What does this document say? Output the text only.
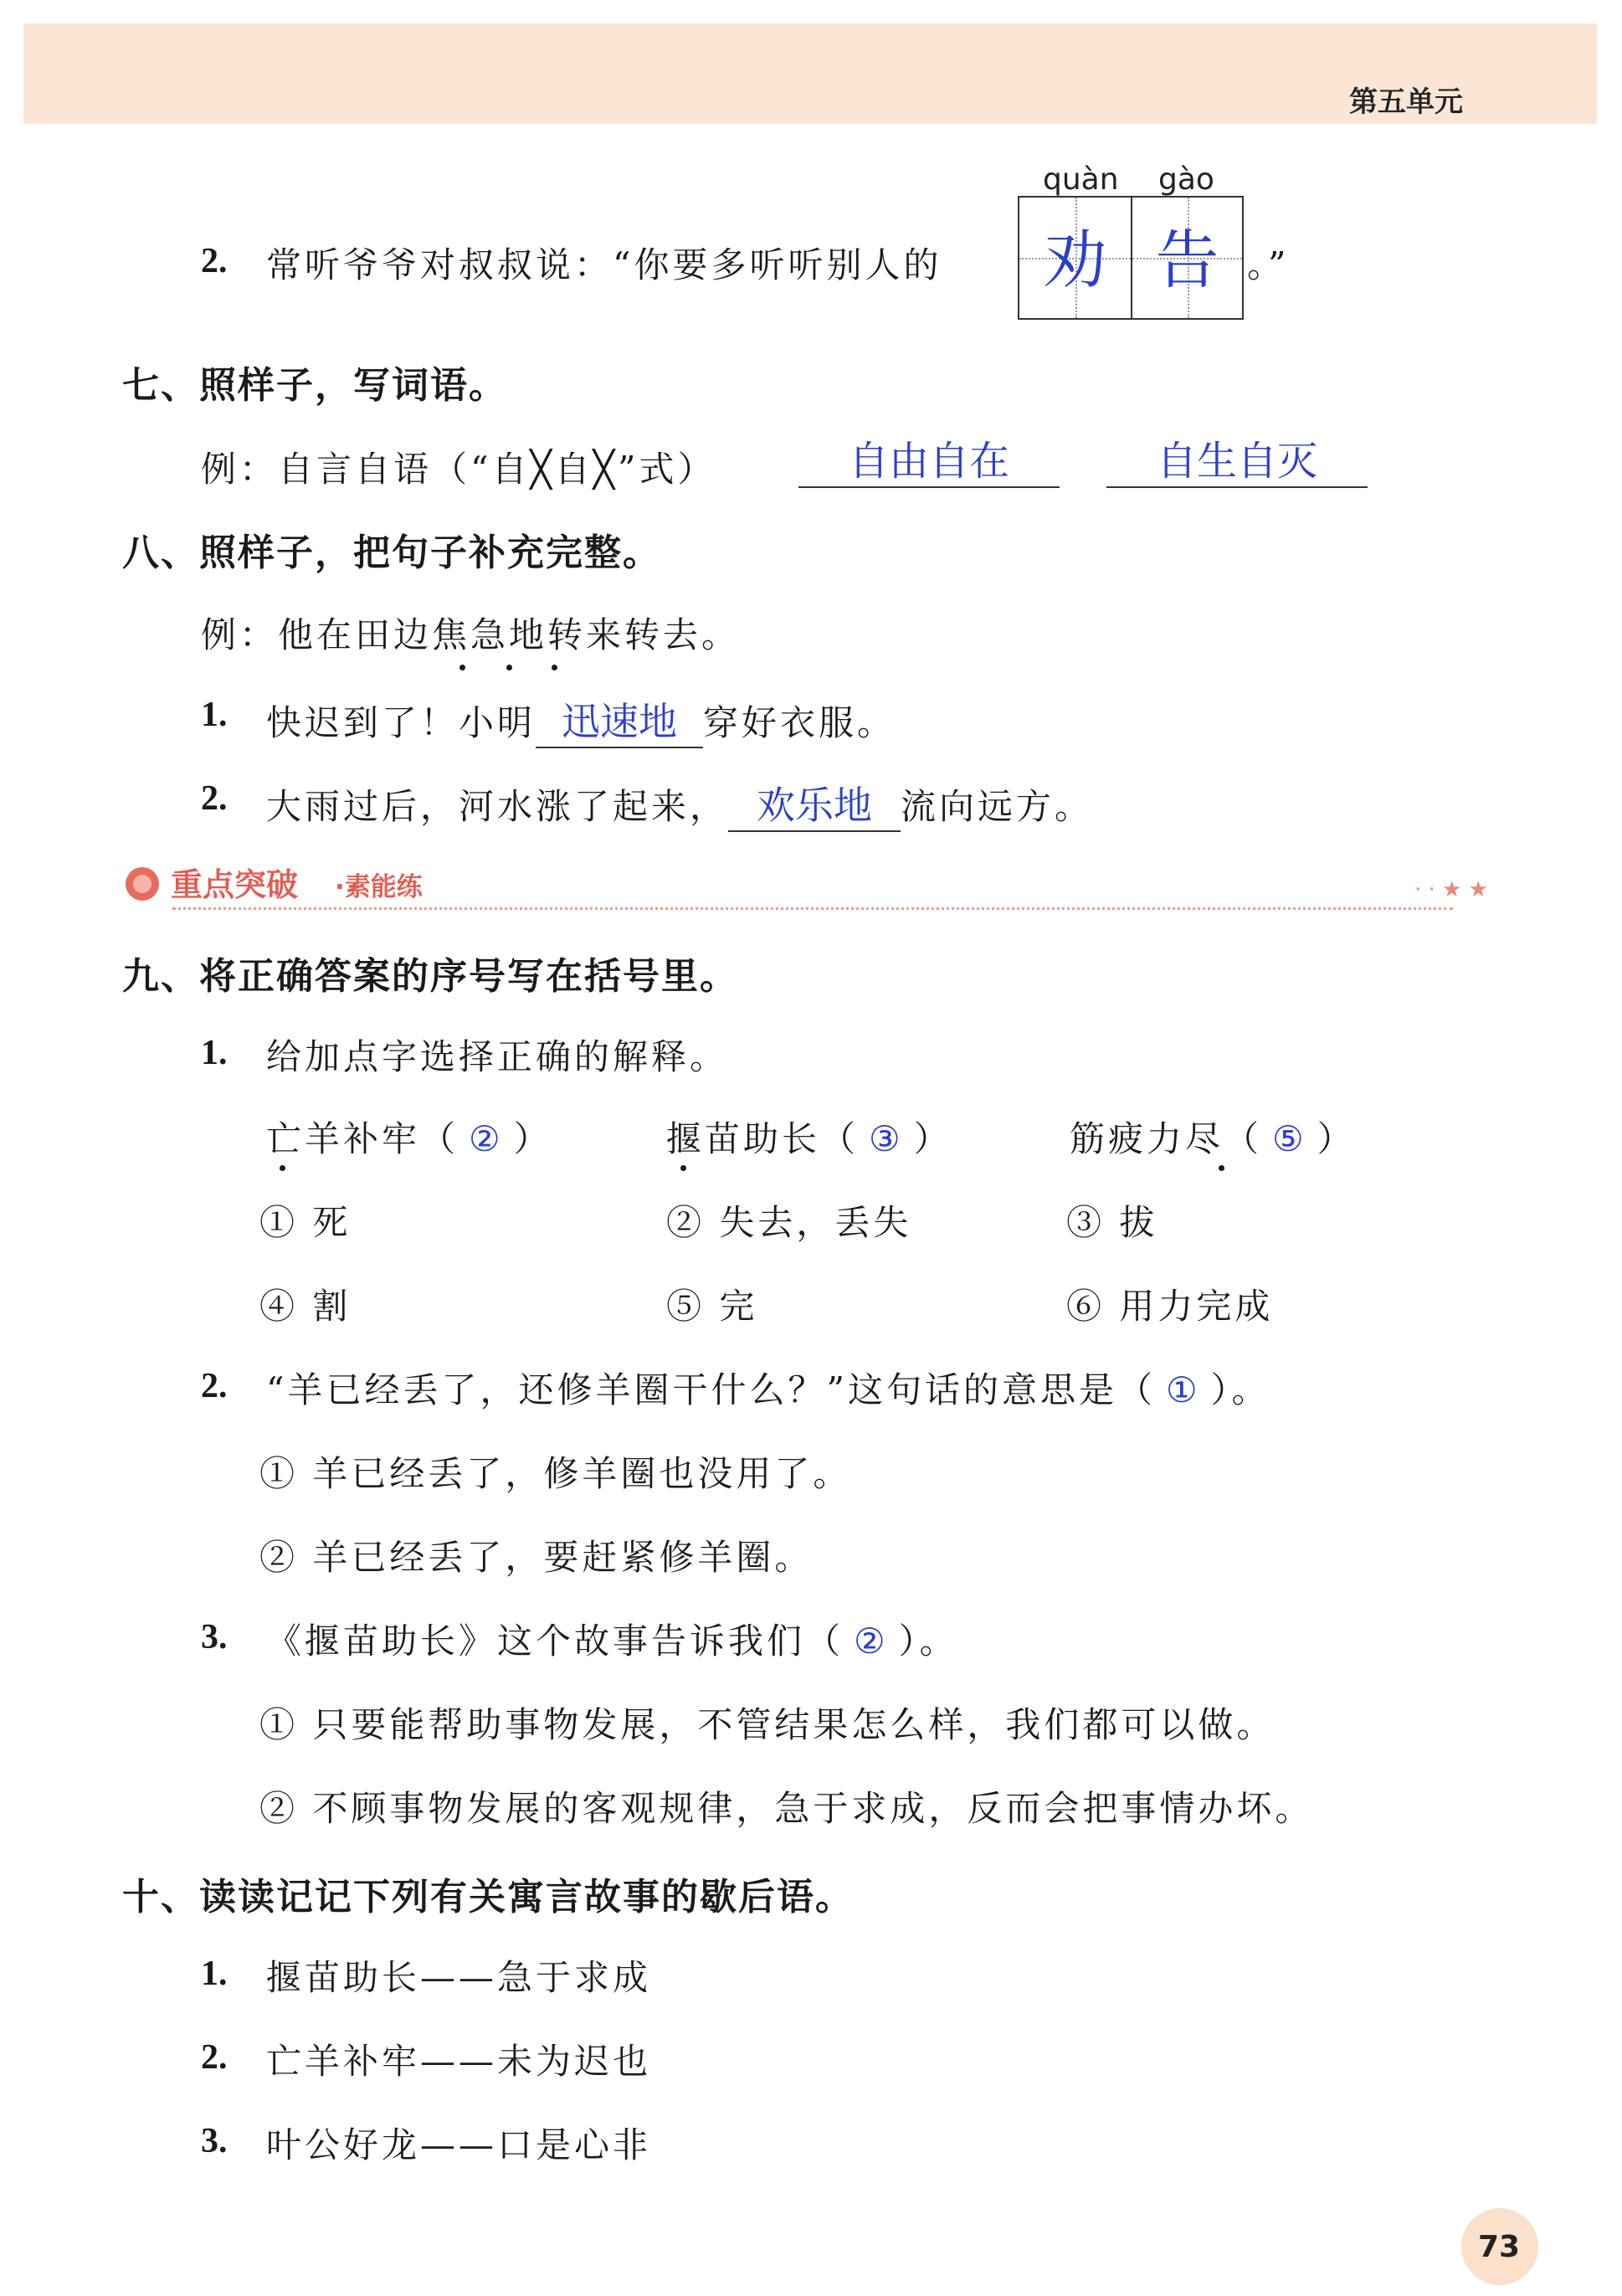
第五单元
2. 常听爷爷对叔叔说：“你要多听听别人的
quàn gào
劝 告 。”
七、照样子，写词语。
例：自言自语（“自╳自╳”式）	自由自在	自生自灭
八、照样子，把句子补充完整。
例：他在田边焦急地转来转去。
1. 快迟到了！小明 迅速地 穿好衣服。
2. 大雨过后，河水涨了起来， 欢乐地 流向远方。
重点突破 ·素能练	· · ★ ★
九、将正确答案的序号写在括号里。
1. 给加点字选择正确的解释。
亡羊补牢（ ② ）	揠苗助长（ ③ ）	筋疲力尽（ ⑤ ）
① 死	② 失去，丢失	③ 拔
④ 割	⑤ 完	⑥ 用力完成
2. “羊已经丢了，还修羊圈干什么？”这句话的意思是（ ① ）。
① 羊已经丢了，修羊圈也没用了。
② 羊已经丢了，要赶紧修羊圈。
3. 《揠苗助长》这个故事告诉我们（ ② ）。
① 只要能帮助事物发展，不管结果怎么样，我们都可以做。
② 不顾事物发展的客观规律，急于求成，反而会把事情办坏。
十、读读记记下列有关寓言故事的歇后语。
1. 揠苗助长——急于求成
2. 亡羊补牢——未为迟也
3. 叶公好龙——口是心非
73
